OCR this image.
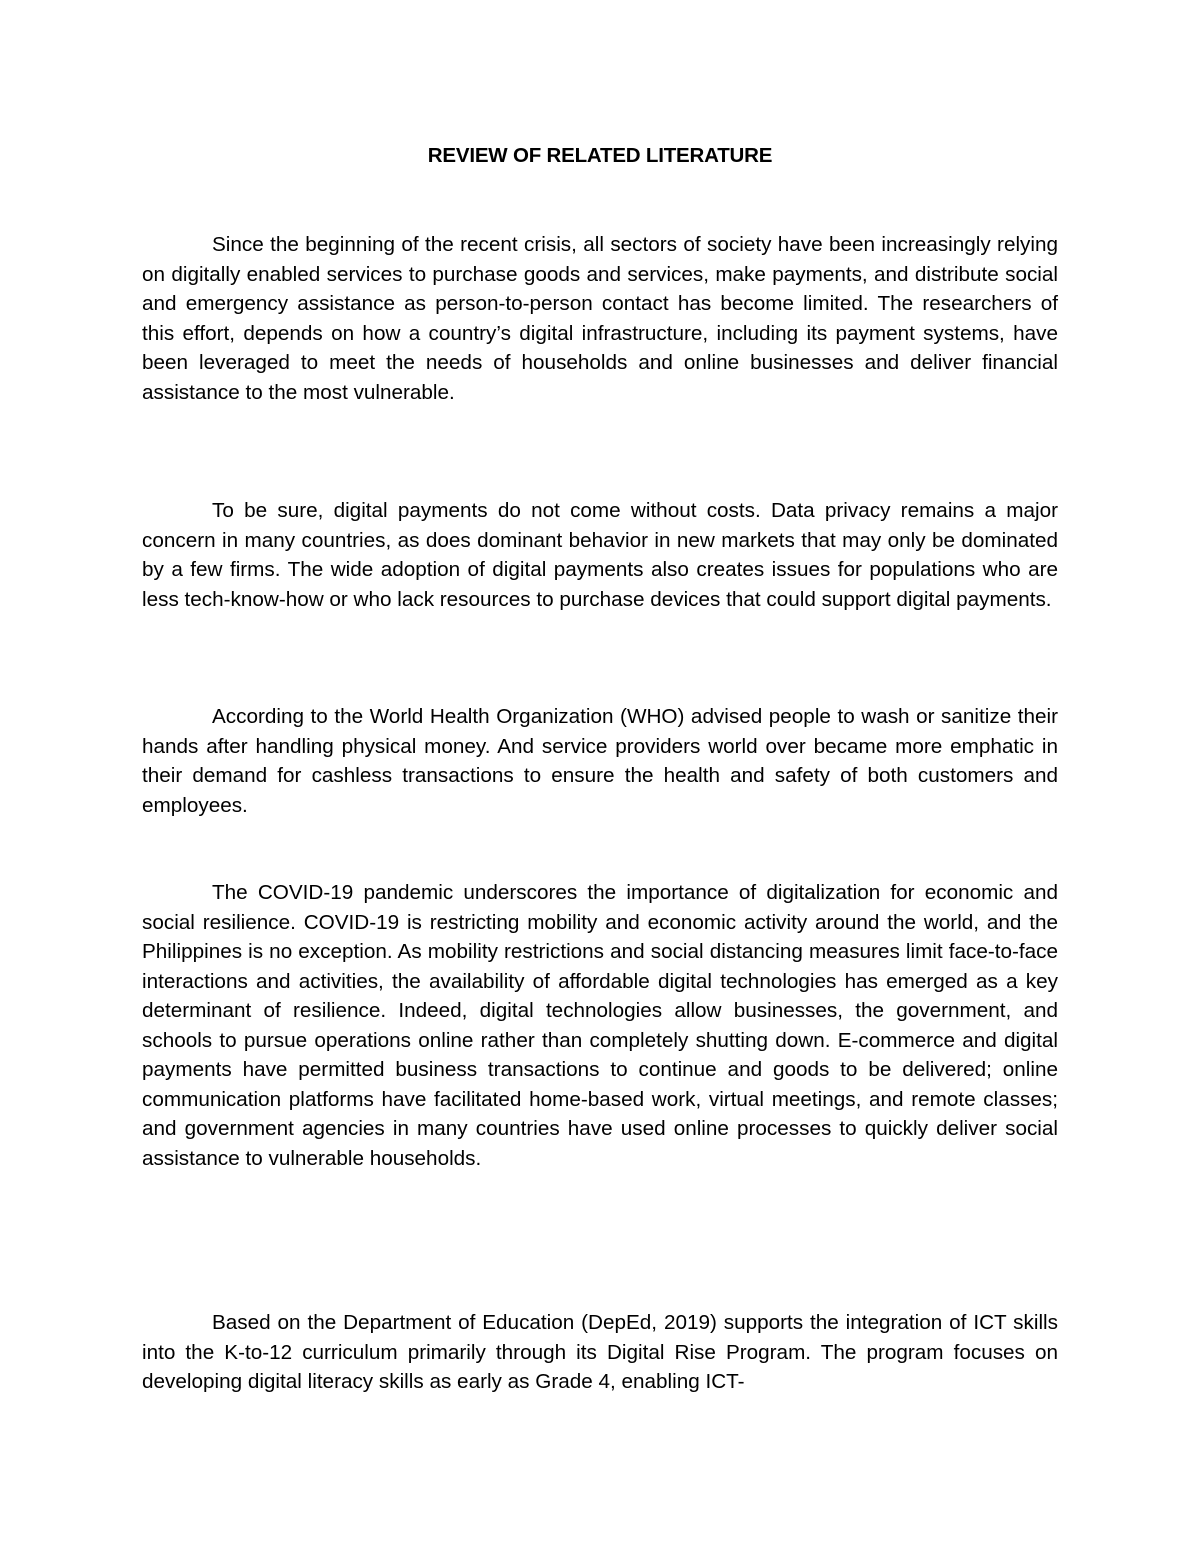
REVIEW OF RELATED LITERATURE

Since the beginning of the recent crisis, all sectors of society have been increasingly relying on digitally enabled services to purchase goods and services, make payments, and distribute social and emergency assistance as person-to-person contact has become limited. The researchers of this effort, depends on how a country’s digital infrastructure, including its payment systems, have been leveraged to meet the needs of households and online businesses and deliver financial assistance to the most vulnerable.

To be sure, digital payments do not come without costs. Data privacy remains a major concern in many countries, as does dominant behavior in new markets that may only be dominated by a few firms. The wide adoption of digital payments also creates issues for populations who are less tech-know-how or who lack resources to purchase devices that could support digital payments.

According to the World Health Organization (WHO) advised people to wash or sanitize their hands after handling physical money. And service providers world over became more emphatic in their demand for cashless transactions to ensure the health and safety of both customers and employees.

The COVID-19 pandemic underscores the importance of digitalization for economic and social resilience. COVID-19 is restricting mobility and economic activity around the world, and the Philippines is no exception. As mobility restrictions and social distancing measures limit face-to-face interactions and activities, the availability of affordable digital technologies has emerged as a key determinant of resilience. Indeed, digital technologies allow businesses, the government, and schools to pursue operations online rather than completely shutting down. E-commerce and digital payments have permitted business transactions to continue and goods to be delivered; online communication platforms have facilitated home-based work, virtual meetings, and remote classes; and government agencies in many countries have used online processes to quickly deliver social assistance to vulnerable households.

Based on the Department of Education (DepEd, 2019) supports the integration of ICT skills into the K-to-12 curriculum primarily through its Digital Rise Program. The program focuses on developing digital literacy skills as early as Grade 4, enabling ICT-
